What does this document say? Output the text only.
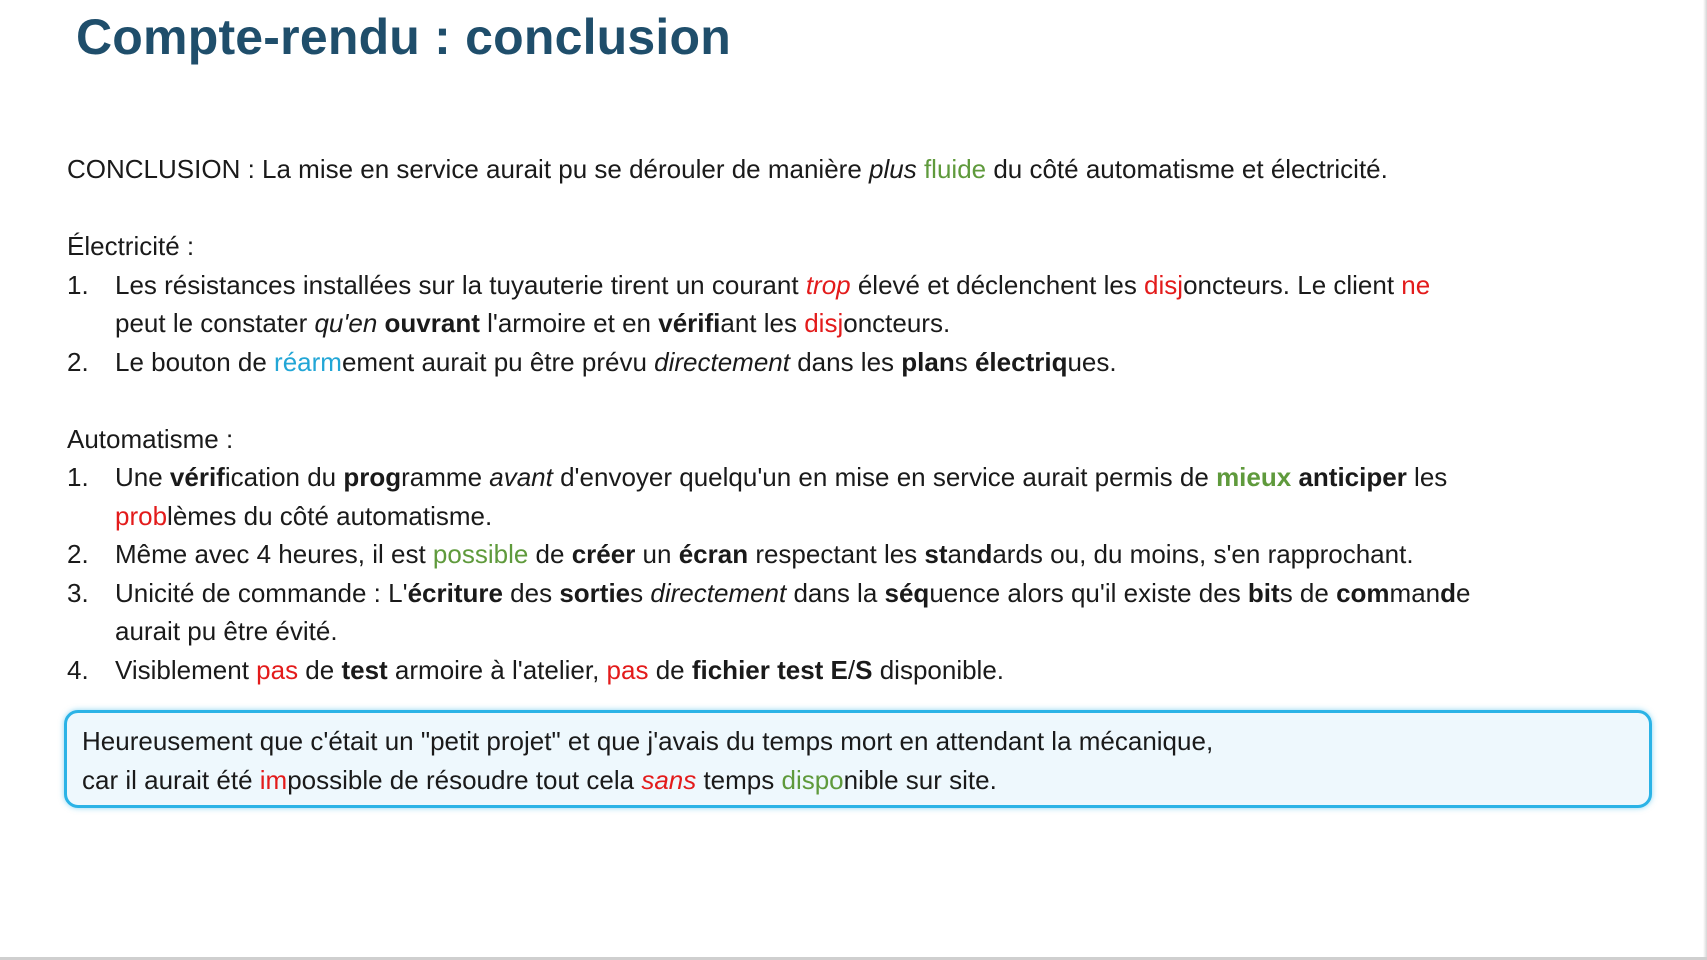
Compte-rendu : conclusion

CONCLUSION : La mise en service aurait pu se dérouler de manière plus fluide du côté automatisme et électricité.

Électricité :

1. Les résistances installées sur la tuyauterie tirent un courant trop élevé et déclenchent les disjoncteurs. Le client ne
peut le constater qu'en ouvrant l'armoire et en vérifiant les disjoncteurs.
2. Le bouton de réarmement aurait pu être prévu directement dans les plans électriques.

Automatisme :

1. Une vérification du programme avant d'envoyer quelqu'un en mise en service aurait permis de mieux anticiper les
problèmes du côté automatisme.
2. Même avec 4 heures, il est possible de créer un écran respectant les standards ou, du moins, s'en rapprochant.
3. Unicité de commande : L'écriture des sorties directement dans la séquence alors qu'il existe des bits de commande
aurait pu être évité.
4. Visiblement pas de test armoire à l'atelier, pas de fichier test E/S disponible.

Heureusement que c'était un "petit projet" et que j'avais du temps mort en attendant la mécanique,

car il aurait été impossible de résoudre tout cela sans temps disponible sur site.
